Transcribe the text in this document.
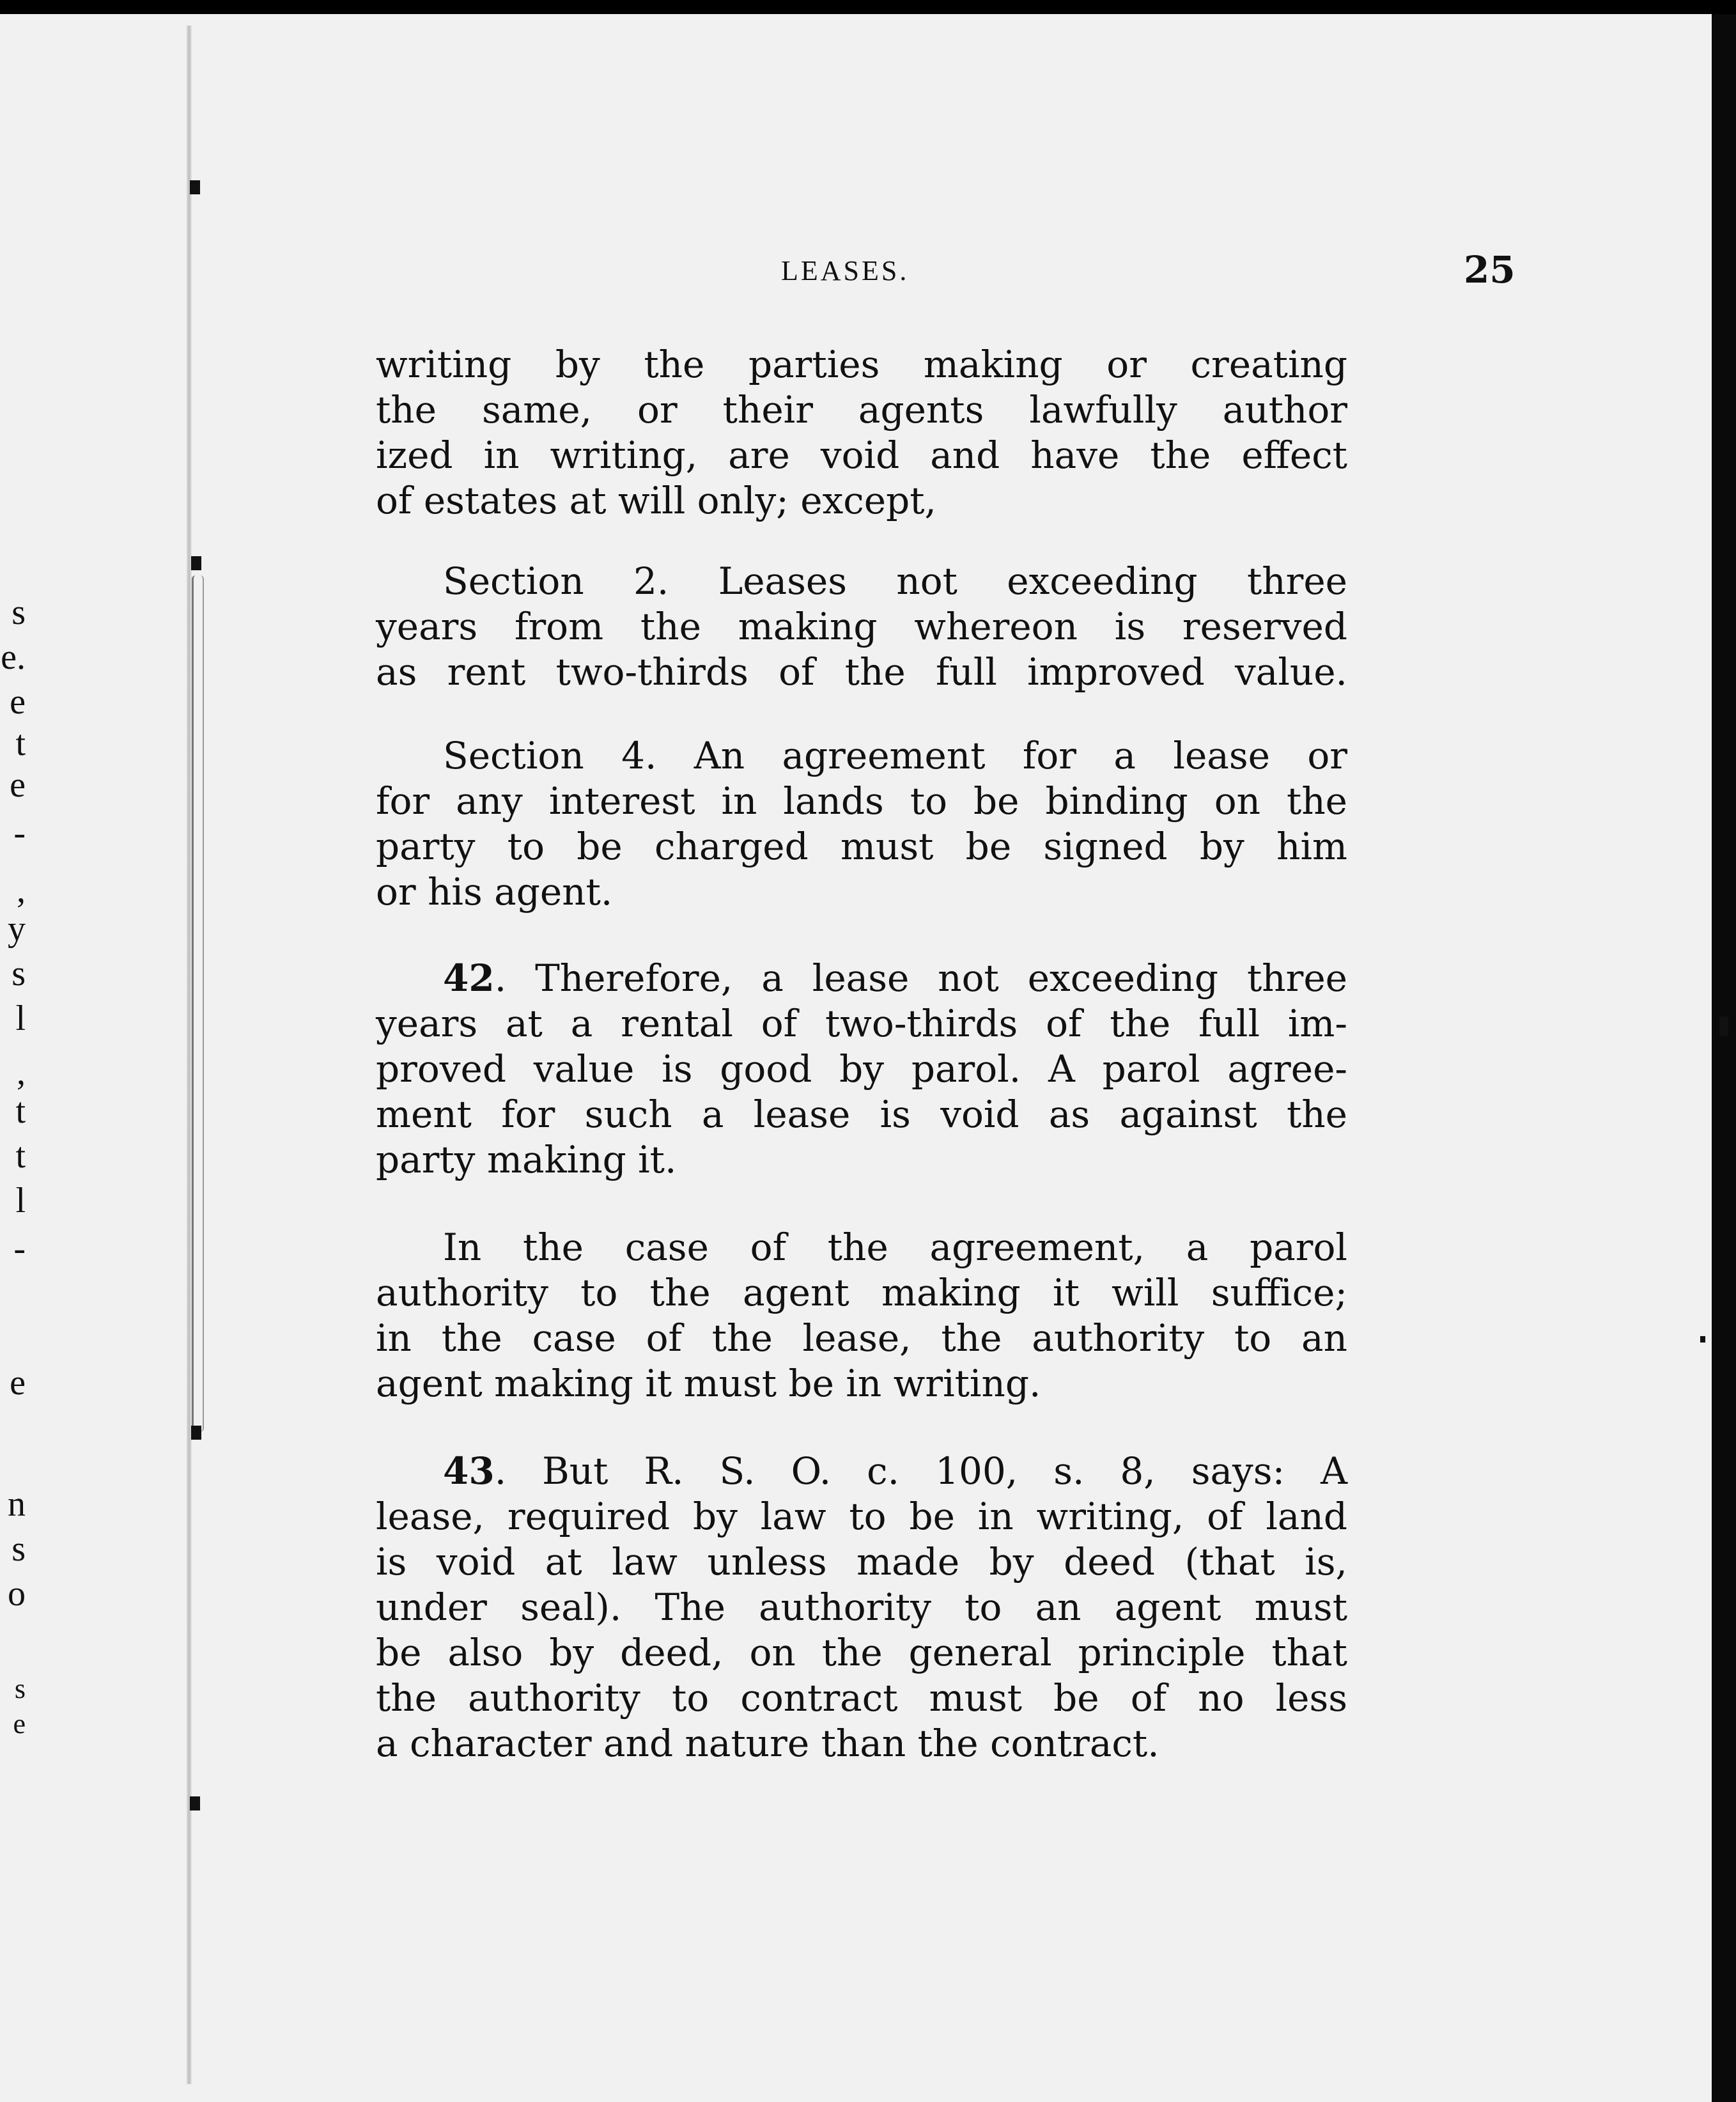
s
e.
e
t
e
-
,
y
s
l
,
t
t
l
-
e
n
s
o
s
e
LEASES.	25
writing by the parties making or creating
the same, or their agents lawfully author
ized in writing, are void and have the effect
of estates at will only; except,
Section 2. Leases not exceeding three
years from the making whereon is reserved
as rent two-thirds of the full improved value.
Section 4. An agreement for a lease or
for any interest in lands to be binding on the
party to be charged must be signed by him
or his agent.
42. Therefore, a lease not exceeding three
years at a rental of two-thirds of the full im-
proved value is good by parol. A parol agree-
ment for such a lease is void as against the
party making it.
In the case of the agreement, a parol
authority to the agent making it will suffice;
in the case of the lease, the authority to an
agent making it must be in writing.
43. But R. S. O. c. 100, s. 8, says: A
lease, required by law to be in writing, of land
is void at law unless made by deed (that is,
under seal). The authority to an agent must
be also by deed, on the general principle that
the authority to contract must be of no less
a character and nature than the contract.
